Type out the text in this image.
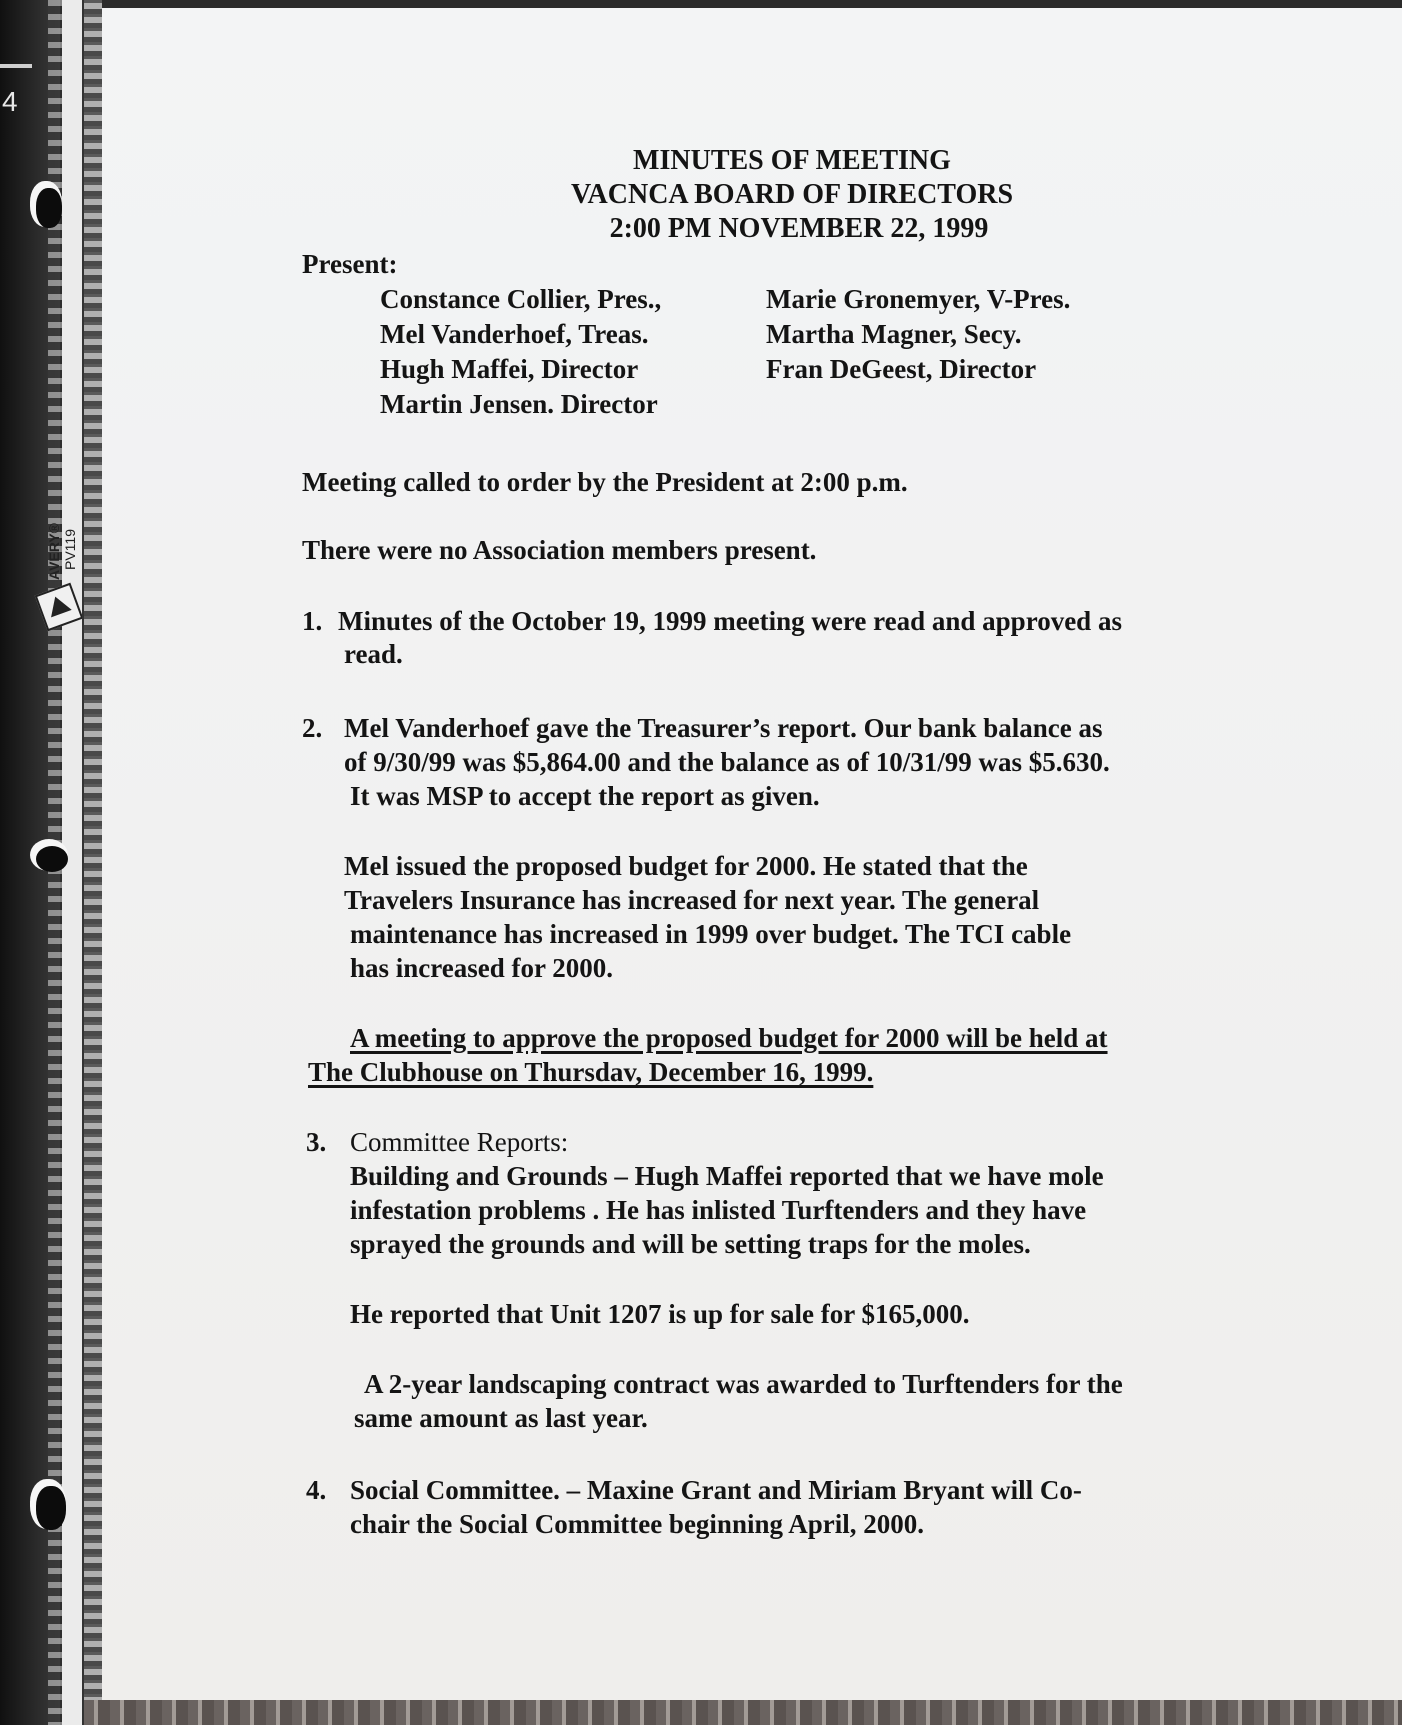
4
AVERY® PV119
MINUTES OF MEETING
VACNCA BOARD OF DIRECTORS
2:00 PM NOVEMBER 22, 1999
Present:
Constance Collier, Pres.,
Mel Vanderhoef, Treas.
Hugh Maffei, Director
Martin Jensen. Director
Marie Gronemyer, V-Pres.
Martha Magner, Secy.
Fran DeGeest, Director
Meeting called to order by the President at 2:00 p.m.
There were no Association members present.
1. Minutes of the October 19, 1999 meeting were read and approved as
read.
2. Mel Vanderhoef gave the Treasurer’s report. Our bank balance as
of 9/30/99 was $5,864.00 and the balance as of 10/31/99 was $5.630.
It was MSP to accept the report as given.
Mel issued the proposed budget for 2000. He stated that the
Travelers Insurance has increased for next year. The general
maintenance has increased in 1999 over budget. The TCI cable
has increased for 2000.
A meeting to approve the proposed budget for 2000 will be held at
The Clubhouse on Thursdav, December 16, 1999.
3. Committee Reports:
Building and Grounds – Hugh Maffei reported that we have mole
infestation problems . He has inlisted Turftenders and they have
sprayed the grounds and will be setting traps for the moles.
He reported that Unit 1207 is up for sale for $165,000.
A 2-year landscaping contract was awarded to Turftenders for the
same amount as last year.
4. Social Committee. – Maxine Grant and Miriam Bryant will Co-
chair the Social Committee beginning April, 2000.
